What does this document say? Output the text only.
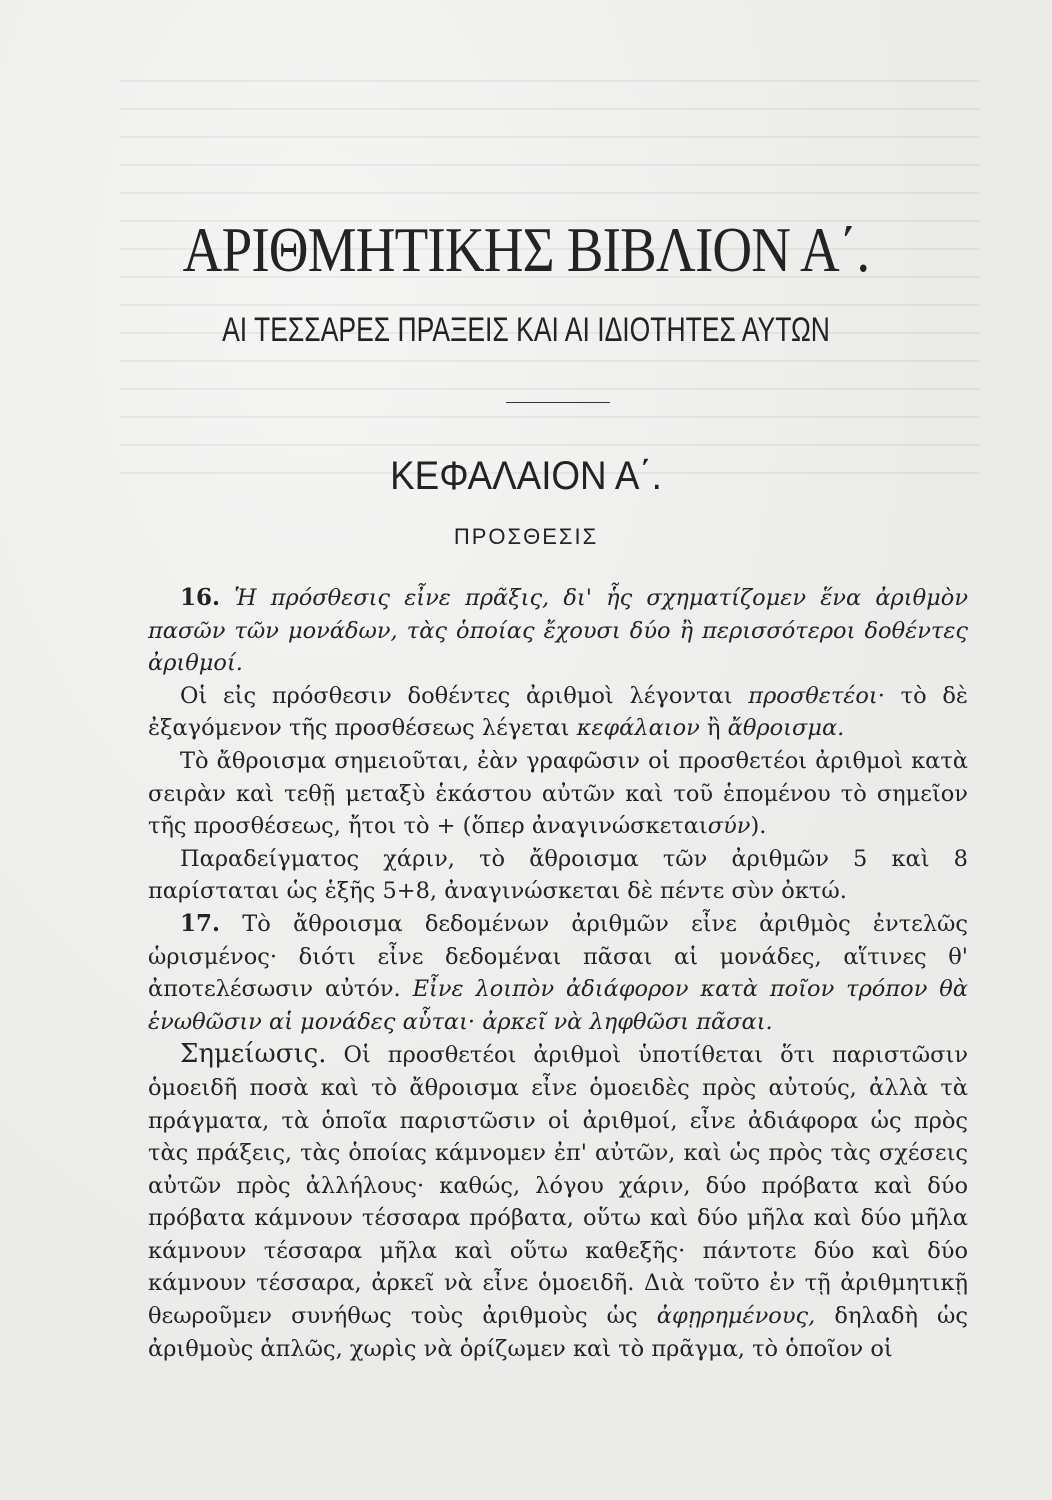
ΑΡΙΘΜΗΤΙΚΗΣ ΒΙΒΛΙΟΝ Α΄.
ΑΙ ΤΕΣΣΑΡΕΣ ΠΡΑΞΕΙΣ ΚΑΙ ΑΙ ΙΔΙΟΤΗΤΕΣ ΑΥΤΩΝ
ΚΕΦΑΛΑΙΟΝ Α΄.
ΠΡΟΣΘΕΣΙΣ

16. Ἡ πρόσθεσις εἶνε πρᾶξις, δι' ἧς σχηματίζομεν ἕνα ἀριθμὸν πασῶν τῶν μονάδων, τὰς ὁποίας ἔχουσι δύο ἢ περισσότεροι δοθέντες ἀριθμοί.

Οἱ εἰς πρόσθεσιν δοθέντες ἀριθμοὶ λέγονται προσθετέοι· τὸ δὲ ἐξαγόμενον τῆς προσθέσεως λέγεται κεφάλαιον ἢ ἄθροισμα.

Τὸ ἄθροισμα σημειοῦται, ἐὰν γραφῶσιν οἱ προσθετέοι ἀριθμοὶ κατὰ σειρὰν καὶ τεθῇ μεταξὺ ἑκάστου αὐτῶν καὶ τοῦ ἑπομένου τὸ σημεῖον τῆς προσθέσεως, ἤτοι τὸ + (ὅπερ ἀναγινώσκεταισύν).

Παραδείγματος χάριν, τὸ ἄθροισμα τῶν ἀριθμῶν 5 καὶ 8 παρίσταται ὡς ἑξῆς 5+8, ἀναγινώσκεται δὲ πέντε σὺν ὀκτώ.

17. Τὸ ἄθροισμα δεδομένων ἀριθμῶν εἶνε ἀριθμὸς ἐντελῶς ὡρισμένος· διότι εἶνε δεδομέναι πᾶσαι αἱ μονάδες, αἵτινες θ' ἀποτελέσωσιν αὐτόν. Εἶνε λοιπὸν ἀδιάφορον κατὰ ποῖον τρόπον θὰ ἑνωθῶσιν αἱ μονάδες αὗται· ἀρκεῖ νὰ ληφθῶσι πᾶσαι.

Σημείωσις. Οἱ προσθετέοι ἀριθμοὶ ὑποτίθεται ὅτι παριστῶσιν ὁμοειδῆ ποσὰ καὶ τὸ ἄθροισμα εἶνε ὁμοειδὲς πρὸς αὐτούς, ἀλλὰ τὰ πράγματα, τὰ ὁποῖα παριστῶσιν οἱ ἀριθμοί, εἶνε ἀδιάφορα ὡς πρὸς τὰς πράξεις, τὰς ὁποίας κάμνομεν ἐπ' αὐτῶν, καὶ ὡς πρὸς τὰς σχέσεις αὐτῶν πρὸς ἀλλήλους· καθώς, λόγου χάριν, δύο πρόβατα καὶ δύο πρόβατα κάμνουν τέσσαρα πρόβατα, οὕτω καὶ δύο μῆλα καὶ δύο μῆλα κάμνουν τέσσαρα μῆλα καὶ οὕτω καθεξῆς· πάντοτε δύο καὶ δύο κάμνουν τέσσαρα, ἀρκεῖ νὰ εἶνε ὁμοειδῆ. Διὰ τοῦτο ἐν τῇ ἀριθμητικῇ θεωροῦμεν συνήθως τοὺς ἀριθμοὺς ὡς ἀφῃρημένους, δηλαδὴ ὡς ἀριθμοὺς ἁπλῶς, χωρὶς νὰ ὁρίζωμεν καὶ τὸ πρᾶγμα, τὸ ὁποῖον οἱ
